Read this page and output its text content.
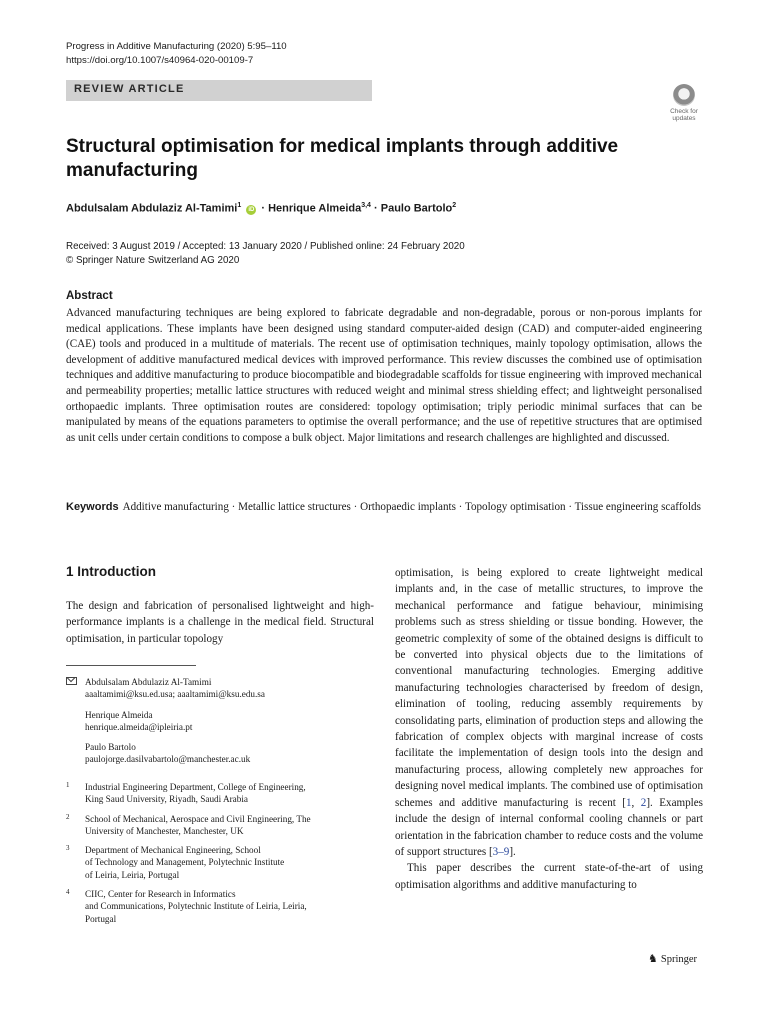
Progress in Additive Manufacturing (2020) 5:95–110
https://doi.org/10.1007/s40964-020-00109-7
REVIEW ARTICLE
Check for updates
Structural optimisation for medical implants through additive manufacturing
Abdulsalam Abdulaziz Al-Tamimi$^1$ iD · Henrique Almeida$^{3,4}$ · Paulo Bartolo$^2$
Received: 3 August 2019 / Accepted: 13 January 2020 / Published online: 24 February 2020
© Springer Nature Switzerland AG 2020
Abstract
Advanced manufacturing techniques are being explored to fabricate degradable and non-degradable, porous or non-porous implants for medical applications. These implants have been designed using standard computer-aided design (CAD) and computer-aided engineering (CAE) tools and produced in a multitude of materials. The recent use of optimisation techniques, mainly topology optimisation, allows the development of additive manufactured medical devices with improved performance. This review discusses the combined use of optimisation techniques and additive manufacturing to produce biocompatible and biodegradable scaffolds for tissue engineering with improved mechanical and permeability properties; metallic lattice structures with reduced weight and minimal stress shielding effect; and lightweight personalised orthopaedic implants. Three optimisation routes are considered: topology optimisation; triply periodic minimal surfaces that can be manipulated by means of the equations parameters to optimise the overall performance; and the use of repetitive structures that are optimised as unit cells under certain conditions to compose a bulk object. Major limitations and research challenges are highlighted and discussed.
Keywords Additive manufacturing · Metallic lattice structures · Orthopaedic implants · Topology optimisation · Tissue engineering scaffolds
1 Introduction
The design and fabrication of personalised lightweight and high-performance implants is a challenge in the medical field. Structural optimisation, in particular topology
Abdulsalam Abdulaziz Al-Tamimi
aaaltamimi@ksu.ed.usa; aaaltamimi@ksu.edu.sa
Henrique Almeida
henrique.almeida@ipleiria.pt
Paulo Bartolo
paulojorge.dasilvabartolo@manchester.ac.uk
1 Industrial Engineering Department, College of Engineering,
King Saud University, Riyadh, Saudi Arabia
2 School of Mechanical, Aerospace and Civil Engineering, The
University of Manchester, Manchester, UK
3 Department of Mechanical Engineering, School
of Technology and Management, Polytechnic Institute
of Leiria, Leiria, Portugal
4 CIIC, Center for Research in Informatics
and Communications, Polytechnic Institute of Leiria, Leiria,
Portugal

optimisation, is being explored to create lightweight medical implants and, in the case of metallic structures, to improve the mechanical performance and fatigue behaviour, minimising problems such as stress shielding or tissue bonding. However, the geometric complexity of some of the obtained designs is difficult to be converted into physical objects due to the limitations of conventional manufacturing technologies. Emerging additive manufacturing technologies characterised by freedom of design, elimination of tooling, reducing assembly requirements by consolidating parts, elimination of production steps and allowing the fabrication of complex objects with marginal increase of costs facilitate the implementation of design tools into the design and manufacturing process, allowing completely new approaches for designing novel medical implants. The combined use of optimisation schemes and additive manufacturing is recent [1, 2]. Examples include the design of internal conformal cooling channels or part orientation in the fabrication chamber to reduce costs and the volume of support structures [3–9].

This paper describes the current state-of-the-art of using optimisation algorithms and additive manufacturing to

♞ Springer
